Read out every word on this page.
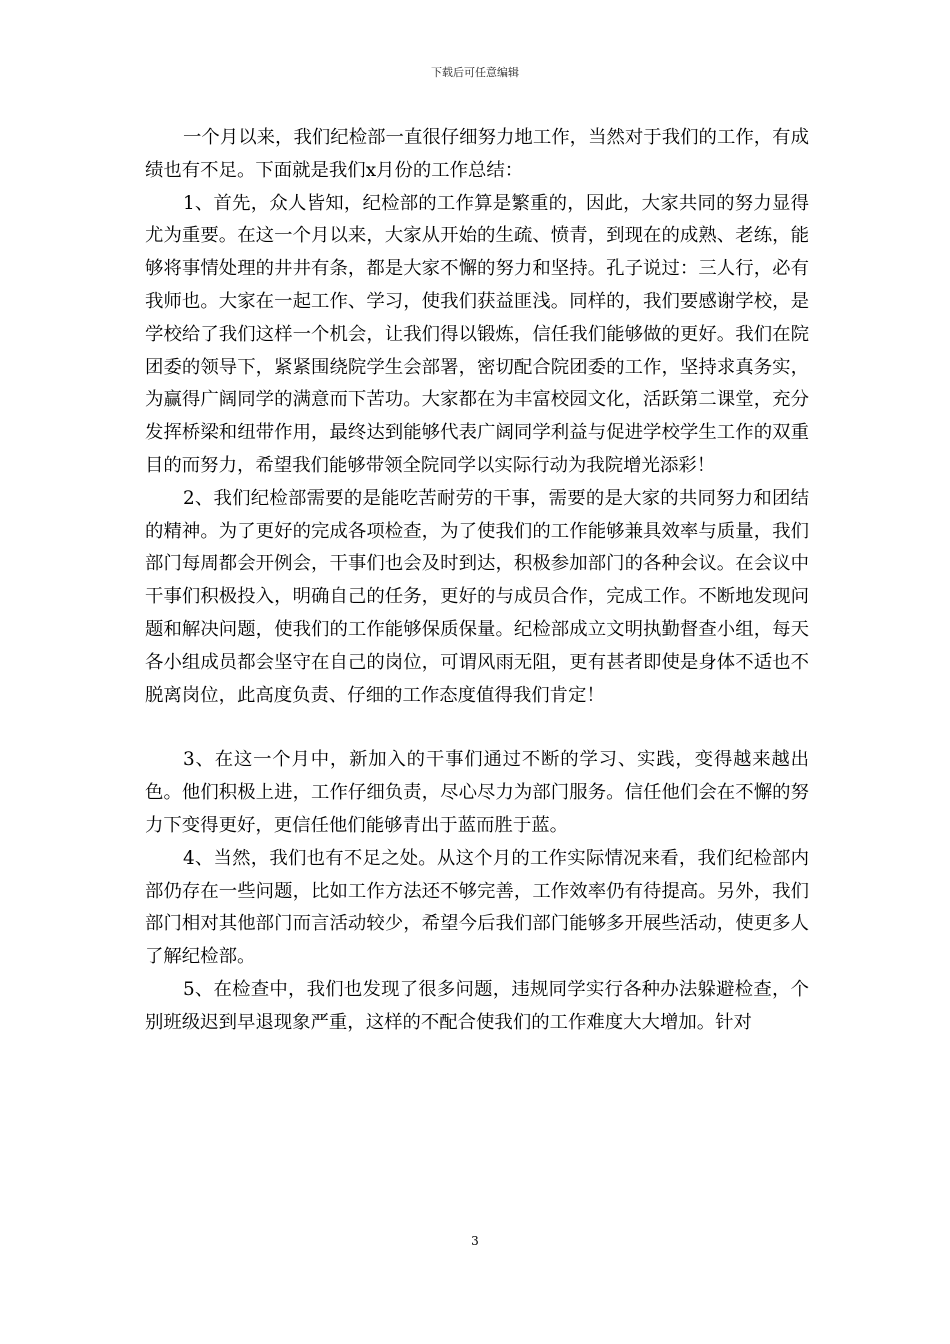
下载后可任意编辑

一个月以来，我们纪检部一直很仔细努力地工作，当然对于我们的工作，有成绩也有不足。下面就是我们x月份的工作总结：

1、首先，众人皆知，纪检部的工作算是繁重的，因此，大家共同的努力显得尤为重要。在这一个月以来，大家从开始的生疏、愤青，到现在的成熟、老练，能够将事情处理的井井有条，都是大家不懈的努力和坚持。孔子说过：三人行，必有我师也。大家在一起工作、学习，使我们获益匪浅。同样的，我们要感谢学校，是学校给了我们这样一个机会，让我们得以锻炼，信任我们能够做的更好。我们在院团委的领导下，紧紧围绕院学生会部署，密切配合院团委的工作，坚持求真务实，为赢得广阔同学的满意而下苦功。大家都在为丰富校园文化，活跃第二课堂，充分发挥桥梁和纽带作用，最终达到能够代表广阔同学利益与促进学校学生工作的双重目的而努力，希望我们能够带领全院同学以实际行动为我院增光添彩！

2、我们纪检部需要的是能吃苦耐劳的干事，需要的是大家的共同努力和团结的精神。为了更好的完成各项检查，为了使我们的工作能够兼具效率与质量，我们部门每周都会开例会，干事们也会及时到达，积极参加部门的各种会议。在会议中干事们积极投入，明确自己的任务，更好的与成员合作，完成工作。不断地发现问题和解决问题，使我们的工作能够保质保量。纪检部成立文明执勤督查小组，每天各小组成员都会坚守在自己的岗位，可谓风雨无阻，更有甚者即使是身体不适也不脱离岗位，此高度负责、仔细的工作态度值得我们肯定！

3、在这一个月中，新加入的干事们通过不断的学习、实践，变得越来越出色。他们积极上进，工作仔细负责，尽心尽力为部门服务。信任他们会在不懈的努力下变得更好，更信任他们能够青出于蓝而胜于蓝。

4、当然，我们也有不足之处。从这个月的工作实际情况来看，我们纪检部内部仍存在一些问题，比如工作方法还不够完善，工作效率仍有待提高。另外，我们部门相对其他部门而言活动较少，希望今后我们部门能够多开展些活动，使更多人了解纪检部。

5、在检查中，我们也发现了很多问题，违规同学实行各种办法躲避检查，个别班级迟到早退现象严重，这样的不配合使我们的工作难度大大增加。针对

3
